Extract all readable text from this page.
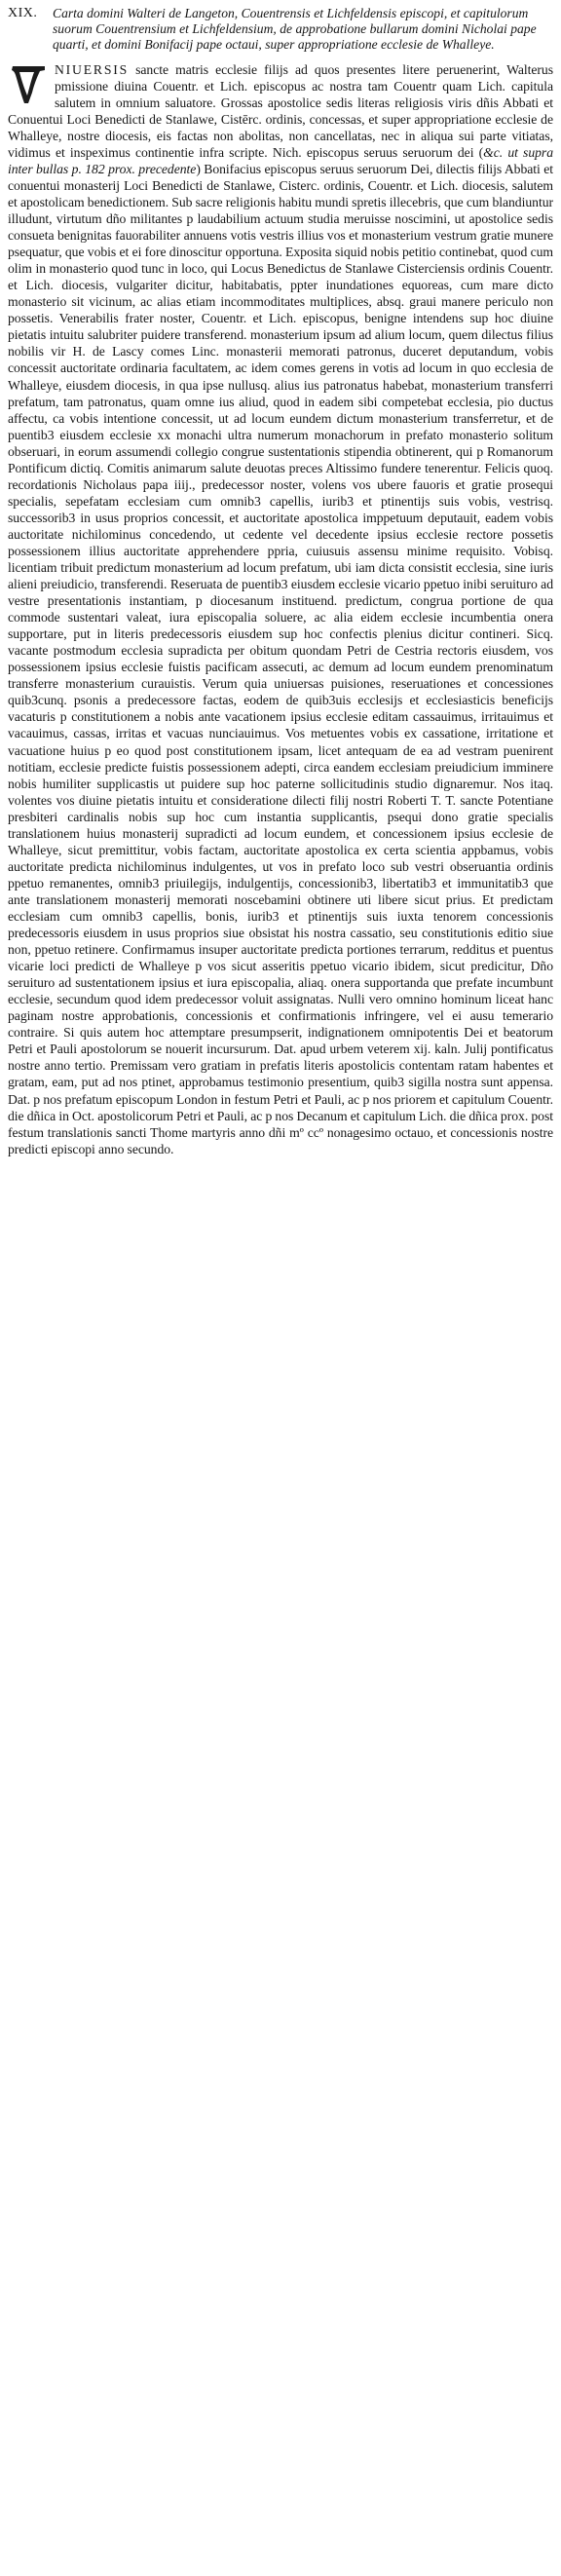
XIX.	Carta domini Walteri de Langeton, Couentrensis et Lichfeldensis episcopi, et capitulorum suorum Couentrensium et Lichfeldensium, de approbatione bullarum domini Nicholai pape quarti, et domini Bonifacij pape octaui, super appropriatione ecclesie de Whalleye.

NIUERSIS sancte matris ecclesie filijs ad quos presentes litere peruenerint, Walterus pmissione diuina Couentr. et Lich. episcopus ac nostra tam Couentr quam Lich. capitula salutem in omnium saluatore. Grossas apostolice sedis literas religiosis viris dñis Abbati et Conuentui Loci Benedicti de Stanlawe, Cistērc. ordinis, concessas, et super appropriatione ecclesie de Whalleye, nostre diocesis, eis factas non abolitas, non cancellatas, nec in aliqua sui parte vitiatas, vidimus et inspeximus continentie infra scripte. Nich. episcopus seruus seruorum dei (&c. ut supra inter bullas p. 182 prox. precedente) Bonifacius episcopus seruus seruorum Dei, dilectis filijs Abbati et conuentui monasterij Loci Benedicti de Stanlawe, Cisterc. ordinis, Couentr. et Lich. diocesis, salutem et apostolicam benedictionem. Sub sacre religionis habitu mundi spretis illecebris, que cum blandiuntur illudunt, virtutum dño militantes p laudabilium actuum studia meruisse noscimini, ut apostolice sedis consueta benignitas fauorabiliter annuens votis vestris illius vos et monasterium vestrum gratie munere psequatur, que vobis et ei fore dinoscitur opportuna. Exposita siquid nobis petitio continebat, quod cum olim in monasterio quod tunc in loco, qui Locus Benedictus de Stanlawe Cisterciensis ordinis Couentr. et Lich. diocesis, vulgariter dicitur, habitabatis, ppter inundationes equoreas, cum mare dicto monasterio sit vicinum, ac alias etiam incommoditates multiplices, absq. graui manere periculo non possetis. Venerabilis frater noster, Couentr. et Lich. episcopus, benigne intendens sup hoc diuine pietatis intuitu salubriter puidere transferend. monasterium ipsum ad alium locum, quem dilectus filius nobilis vir H. de Lascy comes Linc. monasterii memorati patronus, duceret deputandum, vobis concessit auctoritate ordinaria facultatem, ac idem comes gerens in votis ad locum in quo ecclesia de Whalleye, eiusdem diocesis, in qua ipse nullusq. alius ius patronatus habebat, monasterium transferri prefatum, tam patronatus, quam omne ius aliud, quod in eadem sibi competebat ecclesia, pio ductus affectu, ca vobis intentione concessit, ut ad locum eundem dictum monasterium transferretur, et de puentib3 eiusdem ecclesie xx monachi ultra numerum monachorum in prefato monasterio solitum obseruari, in eorum assumendi collegio congrue sustentationis stipendia obtinerent, qui p Romanorum Pontificum dictiq. Comitis animarum salute deuotas preces Altissimo fundere tenerentur. Felicis quoq. recordationis Nicholaus papa iiij., predecessor noster, volens vos ubere fauoris et gratie prosequi specialis, sepefatam ecclesiam cum omnib3 capellis, iurib3 et ptinentijs suis vobis, vestrisq. successorib3 in usus proprios concessit, et auctoritate apostolica imppetuum deputauit, eadem vobis auctoritate nichilominus concedendo, ut cedente vel decedente ipsius ecclesie rectore possetis possessionem illius auctoritate apprehendere ppria, cuiusuis assensu minime requisito. Vobisq. licentiam tribuit predictum monasterium ad locum prefatum, ubi iam dicta consistit ecclesia, sine iuris alieni preiudicio, transferendi. Reseruata de puentib3 eiusdem ecclesie vicario ppetuo inibi seruituro ad vestre presentationis instantiam, p diocesanum instituend. predictum, congrua portione de qua commode sustentari valeat, iura episcopalia soluere, ac alia eidem ecclesie incumbentia onera supportare, put in literis predecessoris eiusdem sup hoc confectis plenius dicitur contineri. Sicq. vacante postmodum ecclesia supradicta per obitum quondam Petri de Cestria rectoris eiusdem, vos possessionem ipsius ecclesie fuistis pacificam assecuti, ac demum ad locum eundem prenominatum transferre monasterium curauistis. Verum quia uniuersas puisiones, reseruationes et concessiones quib3cunq. psonis a predecessore factas, eodem de quib3uis ecclesijs et ecclesiasticis beneficijs vacaturis p constitutionem a nobis ante vacationem ipsius ecclesie editam cassauimus, irritauimus et vacauimus, cassas, irritas et vacuas nunciauimus. Vos metuentes vobis ex cassatione, irritatione et vacuatione huius p eo quod post constitutionem ipsam, licet antequam de ea ad vestram puenirent notitiam, ecclesie predicte fuistis possessionem adepti, circa eandem ecclesiam preiudicium imminere nobis humiliter supplicastis ut puidere sup hoc paterne sollicitudinis studio dignaremur. Nos itaq. volentes vos diuine pietatis intuitu et consideratione dilecti filij nostri Roberti T. T. sancte Potentiane presbiteri cardinalis nobis sup hoc cum instantia supplicantis, psequi dono gratie specialis translationem huius monasterij supradicti ad locum eundem, et concessionem ipsius ecclesie de Whalleye, sicut premittitur, vobis factam, auctoritate apostolica ex certa scientia appbamus, vobis auctoritate predicta nichilominus indulgentes, ut vos in prefato loco sub vestri obseruantia ordinis ppetuo remanentes, omnib3 priuilegijs, indulgentijs, concessionib3, libertatib3 et immunitatib3 que ante translationem monasterij memorati noscebamini obtinere uti libere sicut prius. Et predictam ecclesiam cum omnib3 capellis, bonis, iurib3 et ptinentijs suis iuxta tenorem concessionis predecessoris eiusdem in usus proprios siue obsistat his nostra cassatio, seu constitutionis editio siue non, ppetuo retinere. Confirmamus insuper auctoritate predicta portiones terrarum, redditus et puentus vicarie loci predicti de Whalleye p vos sicut asseritis ppetuo vicario ibidem, sicut predicitur, Dño seruituro ad sustentationem ipsius et iura episcopalia, aliaq. onera supportanda que prefate incumbunt ecclesie, secundum quod idem predecessor voluit assignatas. Nulli vero omnino hominum liceat hanc paginam nostre approbationis, concessionis et confirmationis infringere, vel ei ausu temerario contraire. Si quis autem hoc attemptare presumpserit, indignationem omnipotentis Dei et beatorum Petri et Pauli apostolorum se nouerit incursurum. Dat. apud urbem veterem xij. kaln. Julij pontificatus nostre anno tertio. Premissam vero gratiam in prefatis literis apostolicis contentam ratam habentes et gratam, eam, put ad nos ptinet, approbamus testimonio presentium, quib3 sigilla nostra sunt appensa. Dat. p nos prefatum episcopum London in festum Petri et Pauli, ac p nos priorem et capitulum Couentr. die dñica in Oct. apostolicorum Petri et Pauli, ac p nos Decanum et capitulum Lich. die dñica prox. post festum translationis sancti Thome martyris anno dñi mº ccº nonagesimo octauo, et concessionis nostre predicti episcopi anno secundo.
